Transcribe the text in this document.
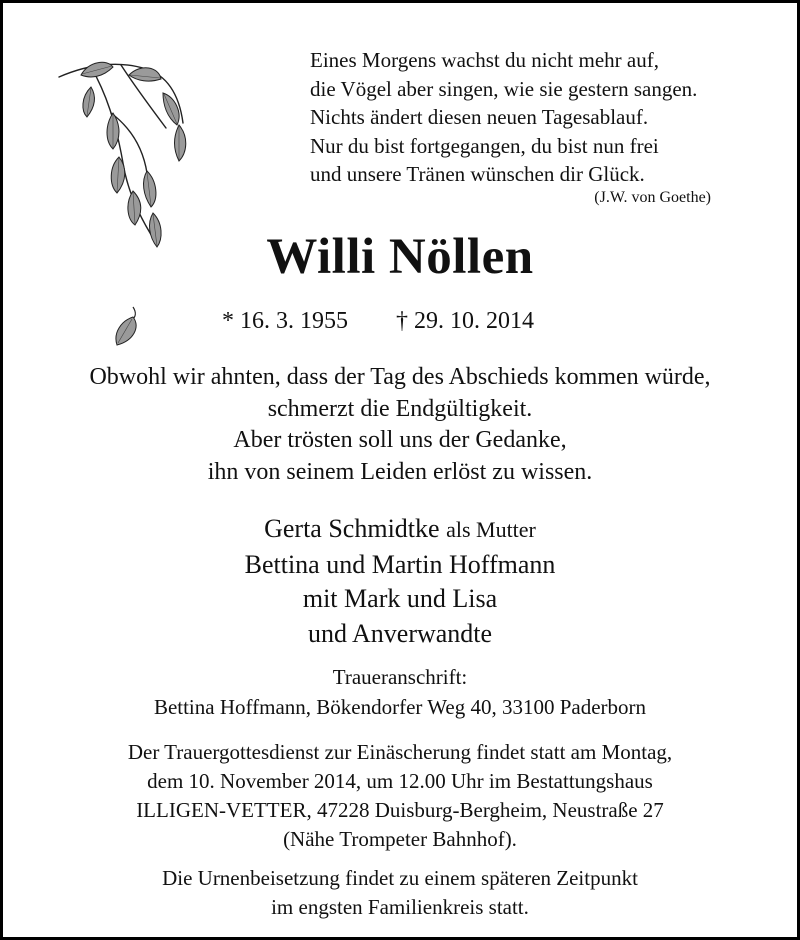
Eines Morgens wachst du nicht mehr auf,
die Vögel aber singen, wie sie gestern sangen.
Nichts ändert diesen neuen Tagesablauf.
Nur du bist fortgegangen, du bist nun frei
und unsere Tränen wünschen dir Glück.
(J.W. von Goethe)
Willi Nöllen
* 16. 3. 1955 † 29. 10. 2014
Obwohl wir ahnten, dass der Tag des Abschieds kommen würde,
schmerzt die Endgültigkeit.
Aber trösten soll uns der Gedanke,
ihn von seinem Leiden erlöst zu wissen.
Gerta Schmidtke als Mutter
Bettina und Martin Hoffmann
mit Mark und Lisa
und Anverwandte
Traueranschrift:
Bettina Hoffmann, Bökendorfer Weg 40, 33100 Paderborn
Der Trauergottesdienst zur Einäscherung findet statt am Montag,
dem 10. November 2014, um 12.00 Uhr im Bestattungshaus
ILLIGEN-VETTER, 47228 Duisburg-Bergheim, Neustraße 27
(Nähe Trompeter Bahnhof).
Die Urnenbeisetzung findet zu einem späteren Zeitpunkt
im engsten Familienkreis statt.
